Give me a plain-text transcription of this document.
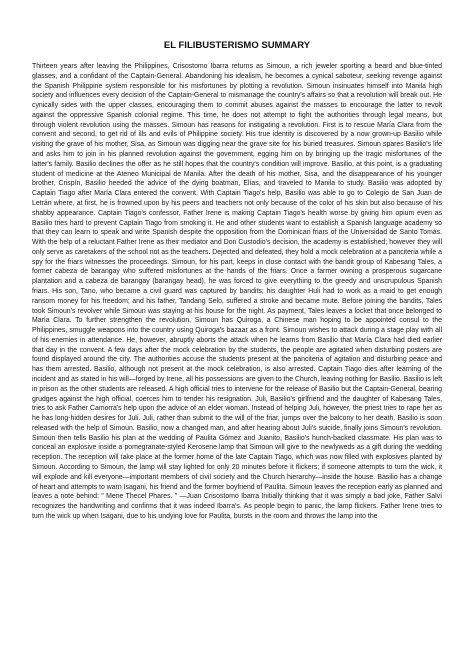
EL FILIBUSTERISMO SUMMARY

Thirteen years after leaving the Philippines, Crisostomo Ibarra returns as Simoun, a rich jeweler sporting a beard and blue-tinted glasses, and a confidant of the Captain-General. Abandoning his idealism, he becomes a cynical saboteur, seeking revenge against the Spanish Philippine system responsible for his misfortunes by plotting a revolution. Simoun insinuates himself into Manila high society and influences every decision of the Captain-General to mismanage the country's affairs so that a revolution will break out. He cynically sides with the upper classes, encouraging them to commit abuses against the masses to encourage the latter to revolt against the oppressive Spanish colonial regime. This time, he does not attempt to fight the authorities through legal means, but through violent revolution using the masses. Simoun has reasons for instigating a revolution. First is to rescue María Clara from the convent and second, to get rid of ills and evils of Philippine society. His true identity is discovered by a now grown-up Basilio while visiting the grave of his mother, Sisa, as Simoun was digging near the grave site for his buried treasures. Simoun spares Basilio's life and asks him to join in his planned revolution against the government, egging him on by bringing up the tragic misfortunes of the latter's family. Basilio declines the offer as he still hopes that the country's condition will improve. Basilio, at this point, is a graduating student of medicine at the Ateneo Municipal de Manila. After the death of his mother, Sisa, and the disappearance of his younger brother, Crispín, Basilio heeded the advice of the dying boatman, Elías, and traveled to Manila to study. Basilio was adopted by Captain Tiago after María Clara entered the convent. With Captain Tiago's help, Basilio was able to go to Colegio de San Juan de Letrán where, at first, he is frowned upon by his peers and teachers not only because of the color of his skin but also because of his shabby appearance. Captain Tiago's confessor, Father Irene is making Captain Tiago's health worse by giving him opium even as Basilio tries hard to prevent Captain Tiago from smoking it. He and other students want to establish a Spanish language academy so that they can learn to speak and write Spanish despite the opposition from the Dominican friars of the Universidad de Santo Tomás. With the help of a reluctant Father Irene as their mediator and Don Custodio's decision, the academy is established; however they will only serve as caretakers of the school not as the teachers. Dejected and defeated, they hold a mock celebration at a panciteria while a spy for the friars witnesses the proceedings. Simoun, for his part, keeps in close contact with the bandit group of Kabesang Tales, a former cabeza de barangay who suffered misfortunes at the hands of the friars. Once a farmer owning a prosperous sugarcane plantation and a cabeza de barangay (barangay head), he was forced to give everything to the greedy and unscrupulous Spanish friars. His son, Tano, who became a civil guard was captured by bandits; his daughter Huli had to work as a maid to get enough ransom money for his freedom; and his father, Tandang Selo, suffered a stroke and became mute. Before joining the bandits, Tales took Simoun's revolver while Simoun was staying at his house for the night. As payment, Tales leaves a locket that once belonged to María Clara. To further strengthen the revolution, Simoun has Quiroga, a Chinese man hoping to be appointed consul to the Philippines, smuggle weapons into the country using Quiroga's bazaar as a front. Simoun wishes to attack during a stage play with all of his enemies in attendance. He, however, abruptly aborts the attack when he learns from Basilio that María Clara had died earlier that day in the convent. A few days after the mock celebration by the students, the people are agitated when disturbing posters are found displayed around the city. The authorities accuse the students present at the panciteria of agitation and disturbing peace and has them arrested. Basilio, although not present at the mock celebration, is also arrested. Captain Tiago dies after learning of the incident and as stated in his will—forged by Irene, all his possessions are given to the Church, leaving nothing for Basilio. Basilio is left in prison as the other students are released. A high official tries to intervene for the release of Basilio but the Captain-General, bearing grudges against the high official, coerces him to tender his resignation. Juli, Basilio's girlfriend and the daughter of Kabesang Tales, tries to ask Father Camorra's help upon the advice of an elder woman. Instead of helping Juli, however, the priest tries to rape her as he has long-hidden desires for Juli. Juli, rather than submit to the will of the friar, jumps over the balcony to her death. Basilio is soon released with the help of Simoun. Basilio, now a changed man, and after hearing about Juli's suicide, finally joins Simoun's revolution. Simoun then tells Basilio his plan at the wedding of Paulita Gómez and Juanito, Basilio's hunch-backed classmate. His plan was to conceal an explosive inside a pomegranate-styled Kerosene lamp that Simoun will give to the newlyweds as a gift during the wedding reception. The reception will take place at the former home of the late Captain Tiago, which was now filled with explosives planted by Simoun. According to Simoun, the lamp will stay lighted for only 20 minutes before it flickers; if someone attempts to turn the wick, it will explode and kill everyone—important members of civil society and the Church hierarchy—inside the house. Basilio has a change of heart and attempts to warn Isagani, his friend and the former boyfriend of Paulita. Simoun leaves the reception early as planned and leaves a note behind: " Mene Thecel Phares. " —Juan Crisostomo Ibarra Initially thinking that it was simply a bad joke, Father Salví recognizes the handwriting and confirms that it was indeed Ibarra's. As people begin to panic, the lamp flickers. Father Irene tries to turn the wick up when Isagani, due to his undying love for Paulita, bursts in the room and throws the lamp into the
